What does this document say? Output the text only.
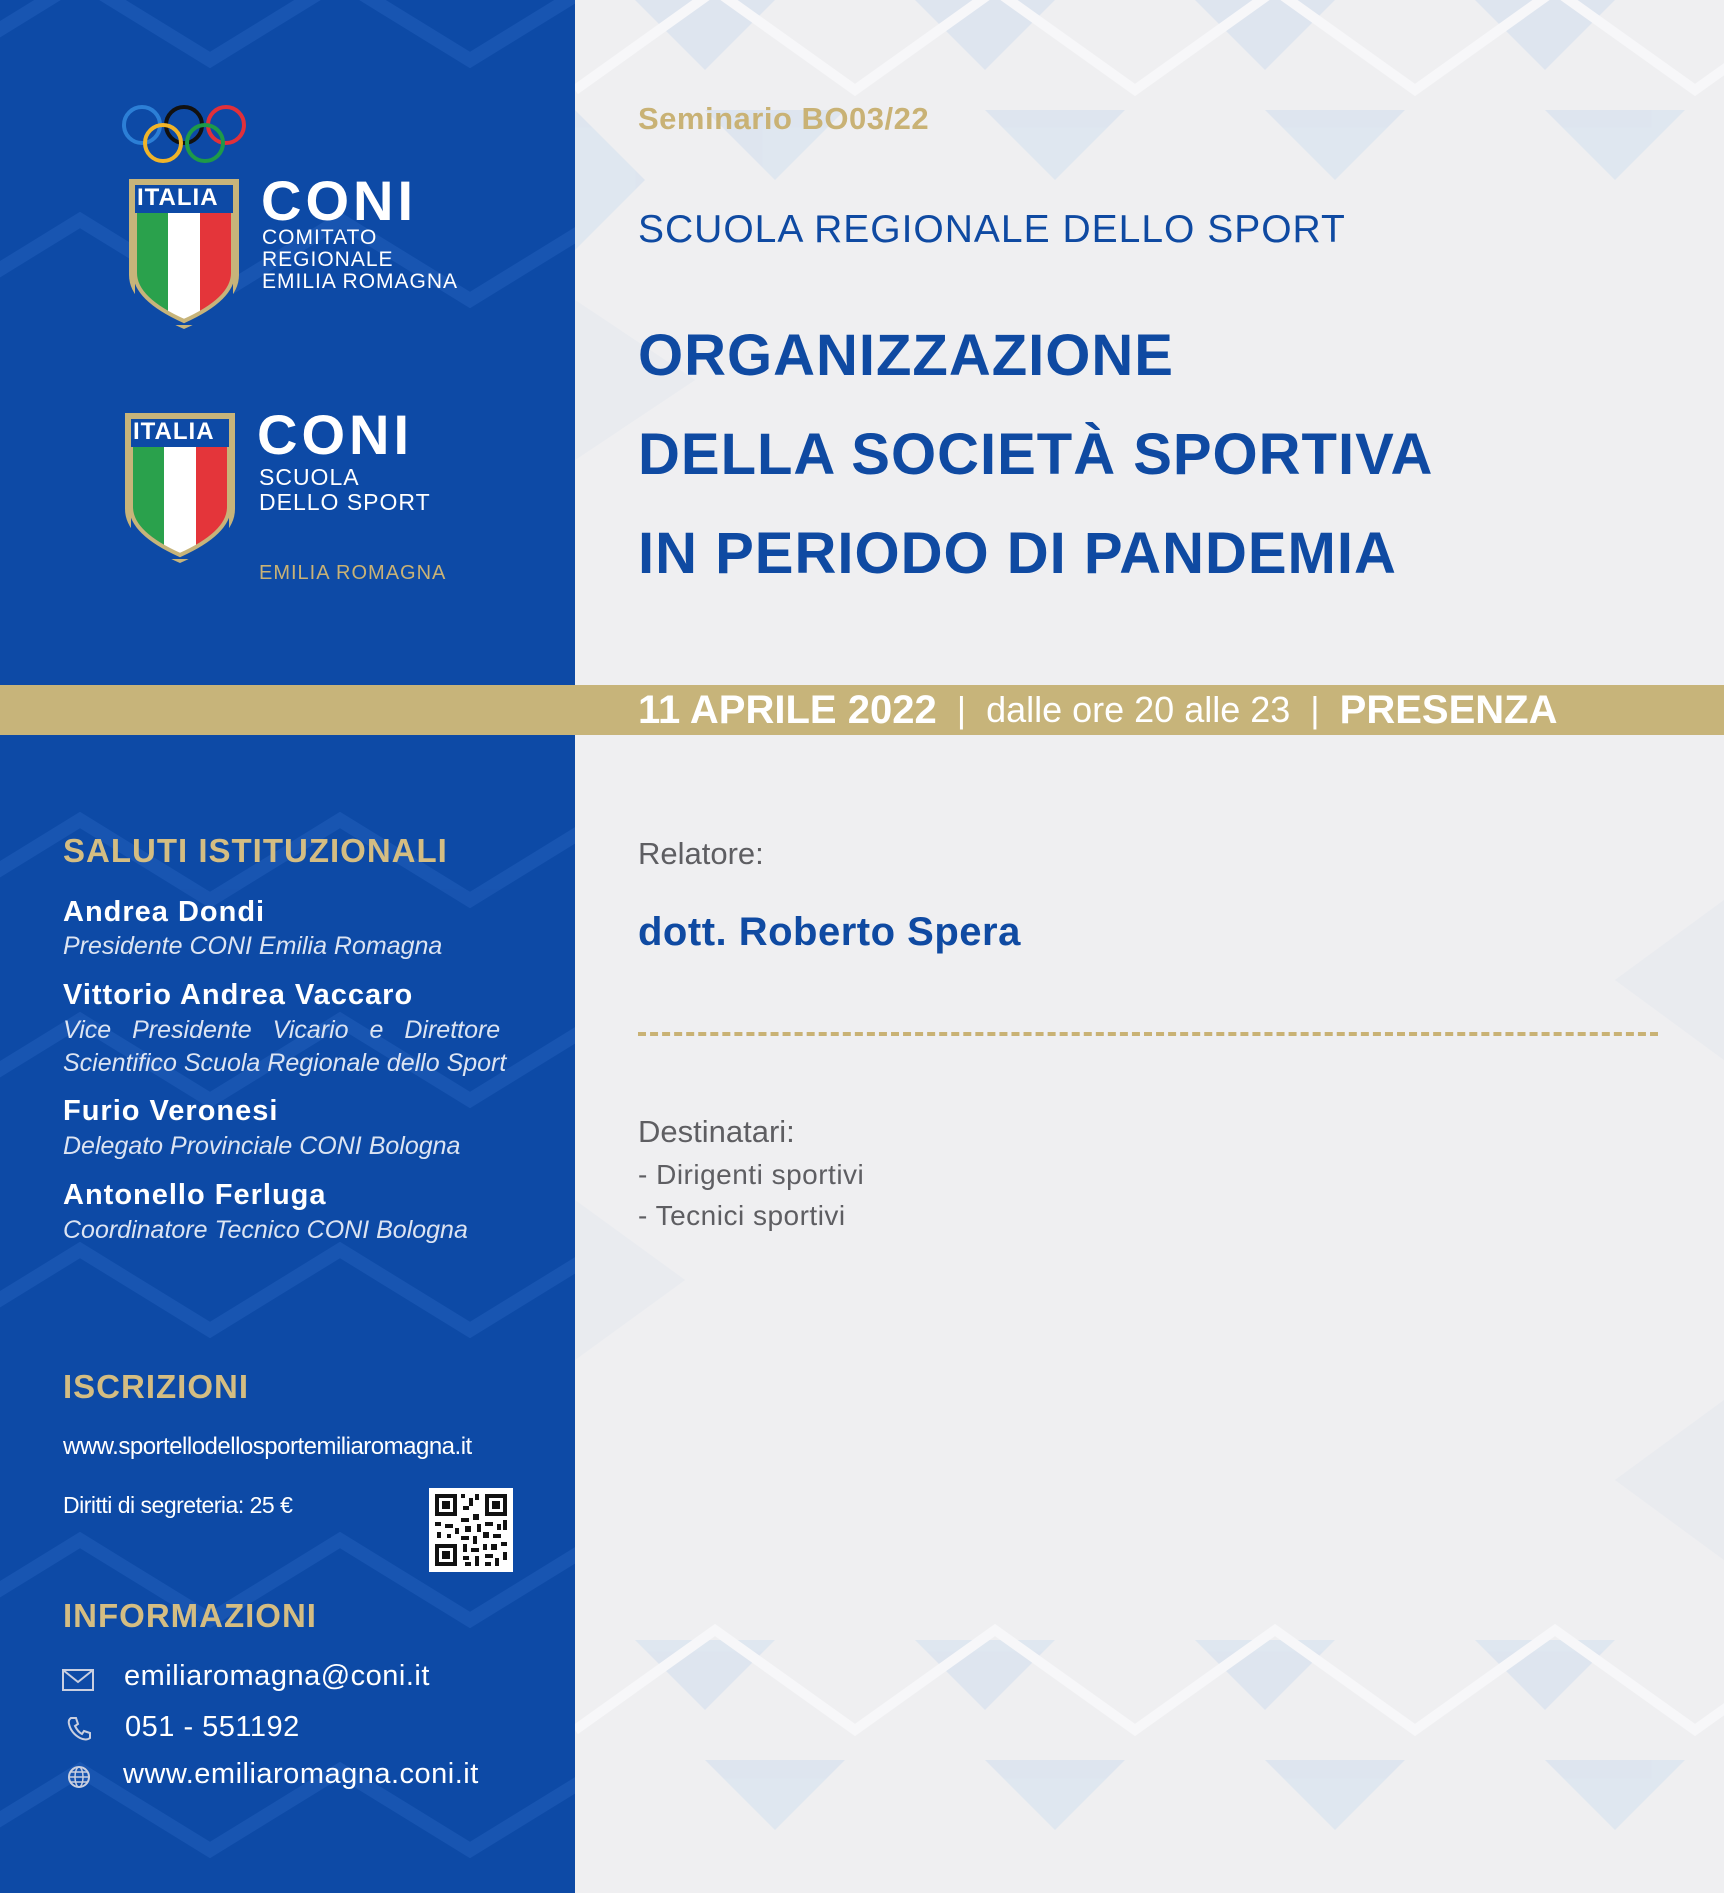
ITALIA CONI
COMITATO
REGIONALE
EMILIA ROMAGNA
ITALIA CONI
SCUOLA
DELLO SPORT
EMILIA ROMAGNA
SALUTI ISTITUZIONALI
Andrea Dondi
Presidente CONI Emilia Romagna
Vittorio Andrea Vaccaro
Vice Presidente Vicario e Direttore
Scientifico Scuola Regionale dello Sport
Furio Veronesi
Delegato Provinciale CONI Bologna
Antonello Ferluga
Coordinatore Tecnico CONI Bologna
ISCRIZIONI
www.sportellodellosportemiliaromagna.it
Diritti di segreteria: 25 €
INFORMAZIONI
emiliaromagna@coni.it
051 - 551192
www.emiliaromagna.coni.it
Seminario BO03/22
SCUOLA REGIONALE DELLO SPORT
ORGANIZZAZIONE
DELLA SOCIETÀ SPORTIVA
IN PERIODO DI PANDEMIA
11 APRILE 2022 | dalle ore 20 alle 23 | PRESENZA
Relatore:
dott. Roberto Spera
Destinatari:
- Dirigenti sportivi
- Tecnici sportivi
